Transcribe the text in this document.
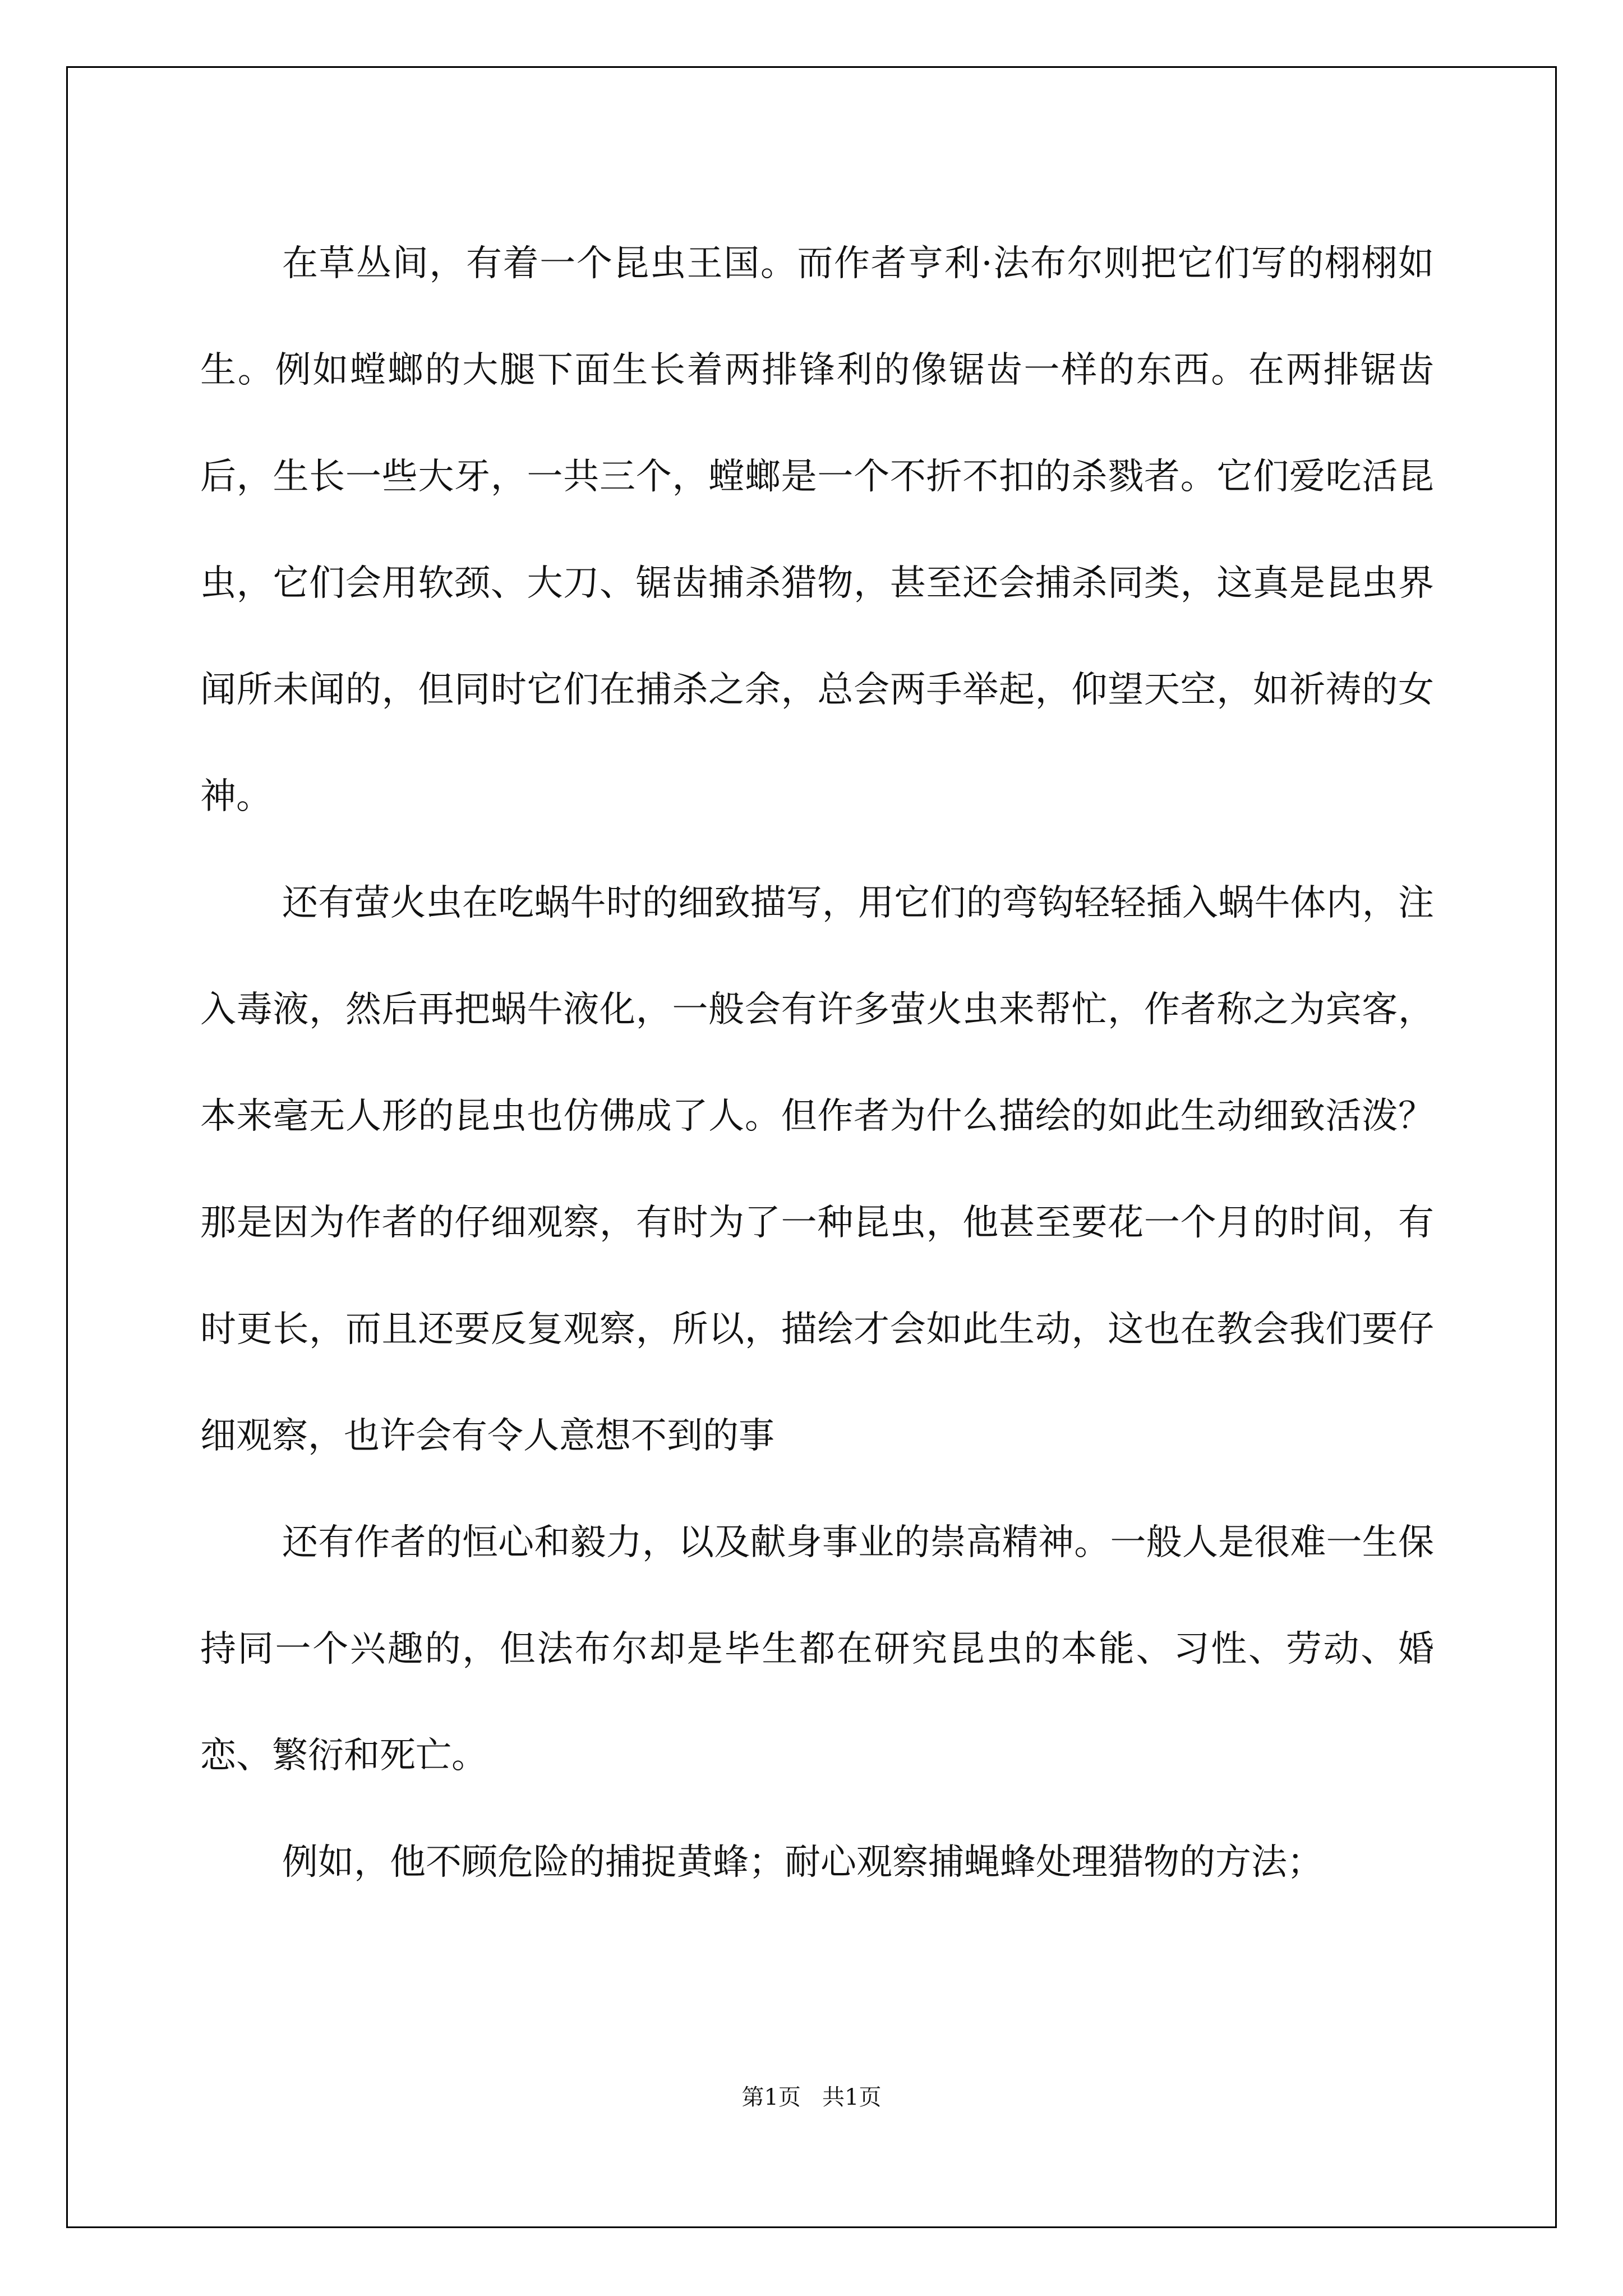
在草丛间，有着一个昆虫王国。而作者亨利·法布尔则把它们写的栩栩如生。例如螳螂的大腿下面生长着两排锋利的像锯齿一样的东西。在两排锯齿后，生长一些大牙，一共三个，螳螂是一个不折不扣的杀戮者。它们爱吃活昆虫，它们会用软颈、大刀、锯齿捕杀猎物，甚至还会捕杀同类，这真是昆虫界闻所未闻的，但同时它们在捕杀之余，总会两手举起，仰望天空，如祈祷的女神。

还有萤火虫在吃蜗牛时的细致描写，用它们的弯钩轻轻插入蜗牛体内，注入毒液，然后再把蜗牛液化，一般会有许多萤火虫来帮忙，作者称之为宾客，本来毫无人形的昆虫也仿佛成了人。但作者为什么描绘的如此生动细致活泼？那是因为作者的仔细观察，有时为了一种昆虫，他甚至要花一个月的时间，有时更长，而且还要反复观察，所以，描绘才会如此生动，这也在教会我们要仔细观察，也许会有令人意想不到的事

还有作者的恒心和毅力，以及献身事业的崇高精神。一般人是很难一生保持同一个兴趣的，但法布尔却是毕生都在研究昆虫的本能、习性、劳动、婚恋、繁衍和死亡。

例如，他不顾危险的捕捉黄蜂；耐心观察捕蝇蜂处理猎物的方法；

第1页   共1页
